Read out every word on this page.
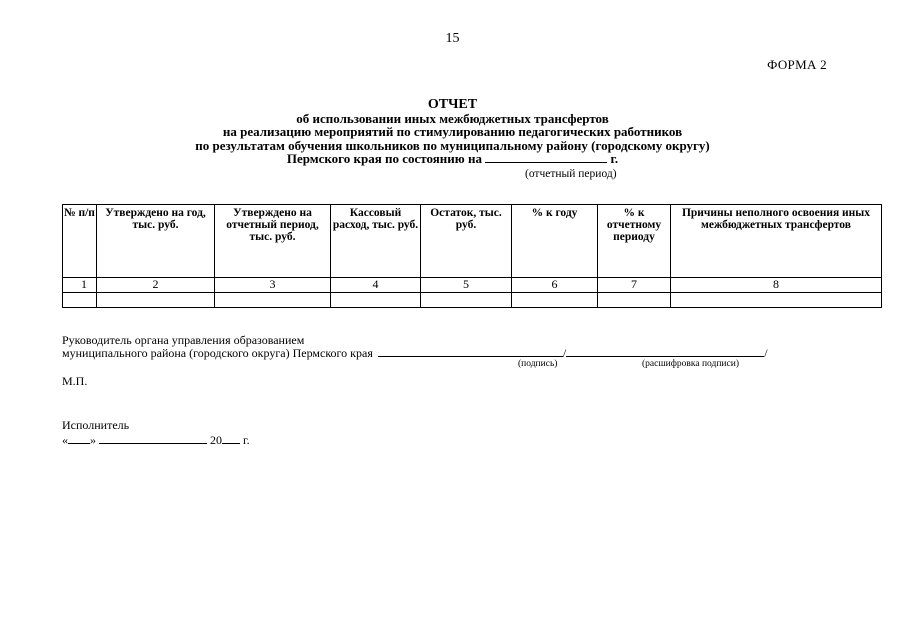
15
ФОРМА 2
ОТЧЕТ
об использовании иных межбюджетных трансфертов
на реализацию мероприятий по стимулированию педагогических работников
по результатам обучения школьников по муниципальному району (городскому округу)
Пермского края по состоянию на	г.
(отчетный период)
№ п/п	Утверждено на год, тыс. руб.	Утверждено на отчетный период, тыс. руб.	Кассовый расход, тыс. руб.	Остаток, тыс. руб.	% к году	% к отчетному периоду	Причины неполного освоения иных межбюджетных трансфертов
1	2	3	4	5	6	7	8

Руководитель органа управления образованием
муниципального района (городского округа) Пермского края	/	/
(подпись)	(расшифровка подписи)
М.П.
Исполнитель
« »	20 г.
